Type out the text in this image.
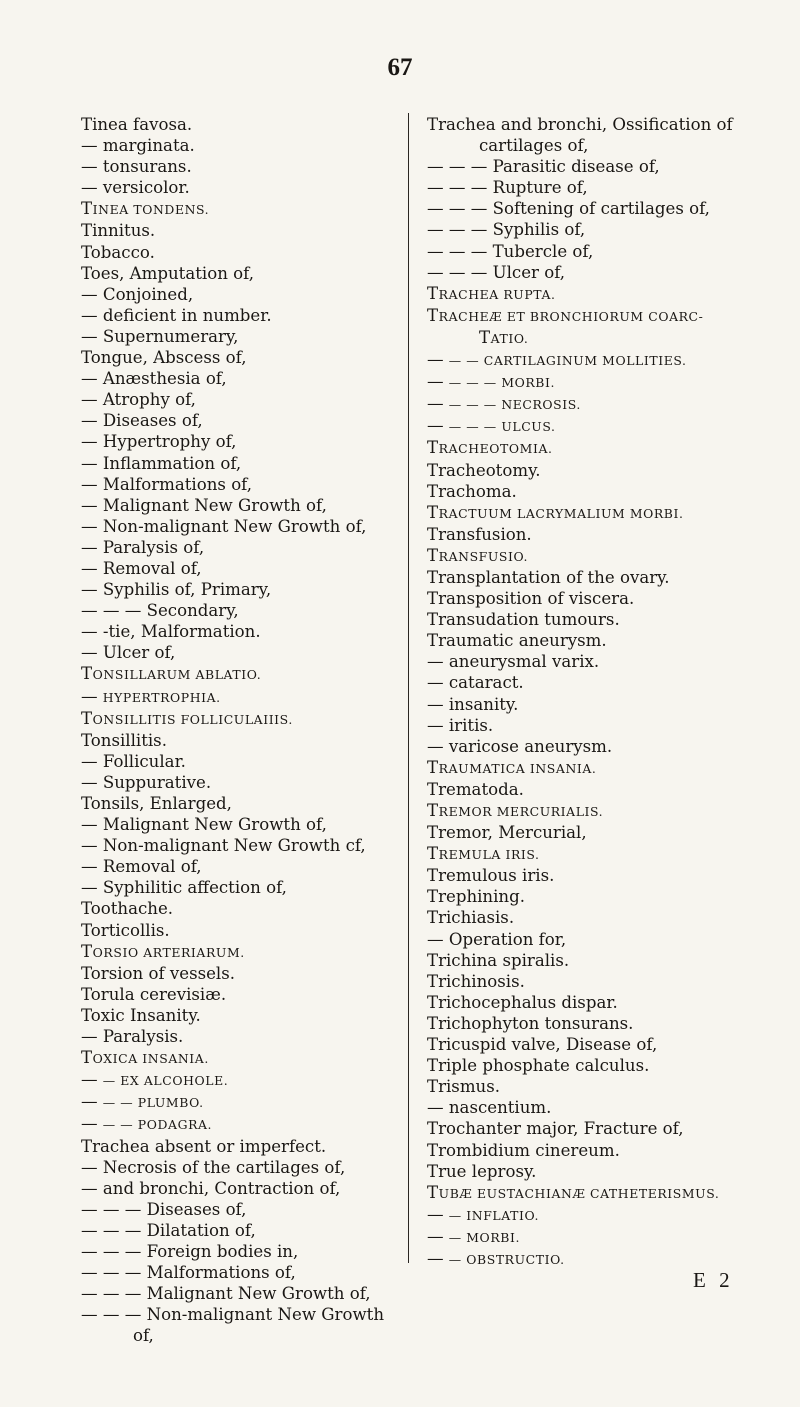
67
Tinea favosa.
— marginata.
— tonsurans.
— versicolor.
TINEA TONDENS.
Tinnitus.
Tobacco.
Toes, Amputation of,
— Conjoined,
— deficient in number.
— Supernumerary,
Tongue, Abscess of,
— Anæsthesia of,
— Atrophy of,
— Diseases of,
— Hypertrophy of,
— Inflammation of,
— Malformations of,
— Malignant New Growth of,
— Non-malignant New Growth of,
— Paralysis of,
— Removal of,
— Syphilis of, Primary,
— — — Secondary,
— -tie, Malformation.
— Ulcer of,
TONSILLARUM ABLATIO.
— HYPERTROPHIA.
TONSILLITIS FOLLICULAIIIS.
Tonsillitis.
— Follicular.
— Suppurative.
Tonsils, Enlarged,
— Malignant New Growth of,
— Non-malignant New Growth cf,
— Removal of,
— Syphilitic affection of,
Toothache.
Torticollis.
TORSIO ARTERIARUM.
Torsion of vessels.
Torula cerevisiæ.
Toxic Insanity.
— Paralysis.
TOXICA INSANIA.
— — EX ALCOHOLE.
— — — PLUMBO.
— — — PODAGRA.
Trachea absent or imperfect.
— Necrosis of the cartilages of,
— and bronchi, Contraction of,
— — — Diseases of,
— — — Dilatation of,
— — — Foreign bodies in,
— — — Malformations of,
— — — Malignant New Growth of,
— — — Non-malignant New Growth
of,
Trachea and bronchi, Ossification of
cartilages of,
— — — Parasitic disease of,
— — — Rupture of,
— — — Softening of cartilages of,
— — — Syphilis of,
— — — Tubercle of,
— — — Ulcer of,
TRACHEA RUPTA.
TRACHEÆ ET BRONCHIORUM COARC-
TATIO.
— — — CARTILAGINUM MOLLITIES.
— — — — MORBI.
— — — — NECROSIS.
— — — — ULCUS.
TRACHEOTOMIA.
Tracheotomy.
Trachoma.
TRACTUUM LACRYMALIUM MORBI.
Transfusion.
TRANSFUSIO.
Transplantation of the ovary.
Transposition of viscera.
Transudation tumours.
Traumatic aneurysm.
— aneurysmal varix.
— cataract.
— insanity.
— iritis.
— varicose aneurysm.
TRAUMATICA INSANIA.
Trematoda.
TREMOR MERCURIALIS.
Tremor, Mercurial,
TREMULA IRIS.
Tremulous iris.
Trephining.
Trichiasis.
— Operation for,
Trichina spiralis.
Trichinosis.
Trichocephalus dispar.
Trichophyton tonsurans.
Tricuspid valve, Disease of,
Triple phosphate calculus.
Trismus.
— nascentium.
Trochanter major, Fracture of,
Trombidium cinereum.
True leprosy.
TUBÆ EUSTACHIANÆ CATHETERISMUS.
— — INFLATIO.
— — MORBI.
— — OBSTRUCTIO.
E 2
